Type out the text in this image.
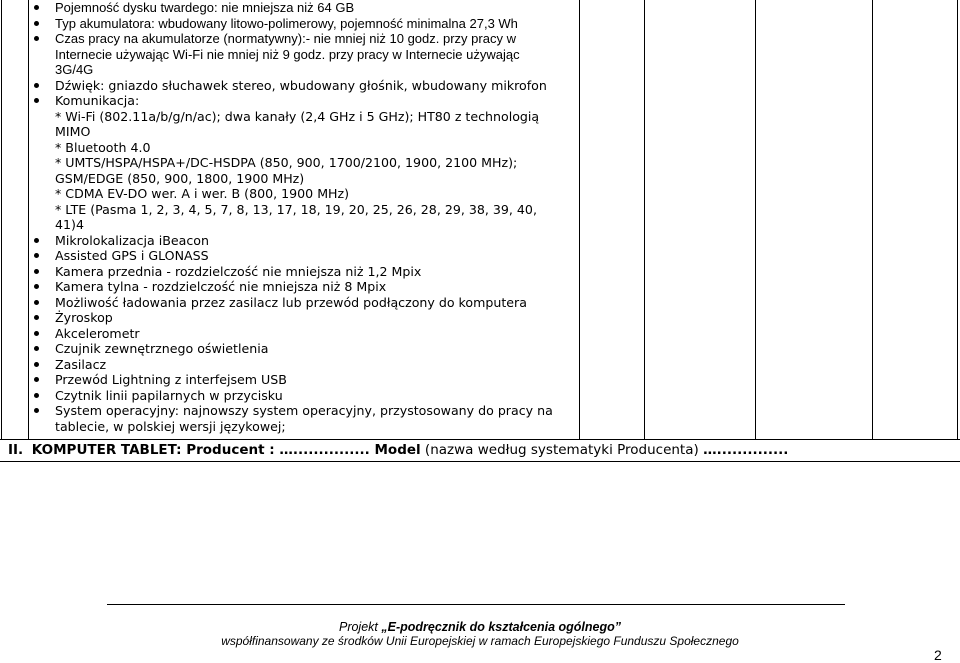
Pojemność dysku twardego: nie mniejsza niż 64 GB
Typ akumulatora: wbudowany litowo-polimerowy, pojemność minimalna 27,3 Wh
Czas pracy na akumulatorze (normatywny):- nie mniej niż 10 godz. przy pracy w Internecie używając Wi-Fi nie mniej niż 9 godz. przy pracy w Internecie używając 3G/4G
Dźwięk: gniazdo słuchawek stereo, wbudowany głośnik, wbudowany mikrofon
Komunikacja:
* Wi-Fi (802.11a/b/g/n/ac); dwa kanały (2,4 GHz i 5 GHz); HT80 z technologią MIMO
* Bluetooth 4.0
* UMTS/HSPA/HSPA+/DC-HSDPA (850, 900, 1700/2100, 1900, 2100 MHz); GSM/EDGE (850, 900, 1800, 1900 MHz)
* CDMA EV-DO wer. A i wer. B (800, 1900 MHz)
* LTE (Pasma 1, 2, 3, 4, 5, 7, 8, 13, 17, 18, 19, 20, 25, 26, 28, 29, 38, 39, 40, 41)4
Mikrolokalizacja iBeacon
Assisted GPS i GLONASS
Kamera przednia - rozdzielczość nie mniejsza niż 1,2 Mpix
Kamera tylna - rozdzielczość nie mniejsza niż 8 Mpix
Możliwość ładowania przez zasilacz lub przewód podłączony do komputera
Żyroskop
Akcelerometr
Czujnik zewnętrznego oświetlenia
Zasilacz
Przewód Lightning z interfejsem USB
Czytnik linii papilarnych w przycisku
System operacyjny: najnowszy system operacyjny, przystosowany do pracy na tablecie, w polskiej wersji językowej;
II. KOMPUTER TABLET: Producent : …............... Model (nazwa według systematyki Producenta) …..............
Projekt „E-podręcznik do kształcenia ogólnego”
współfinansowany ze środków Unii Europejskiej w ramach Europejskiego Funduszu Społecznego
2
